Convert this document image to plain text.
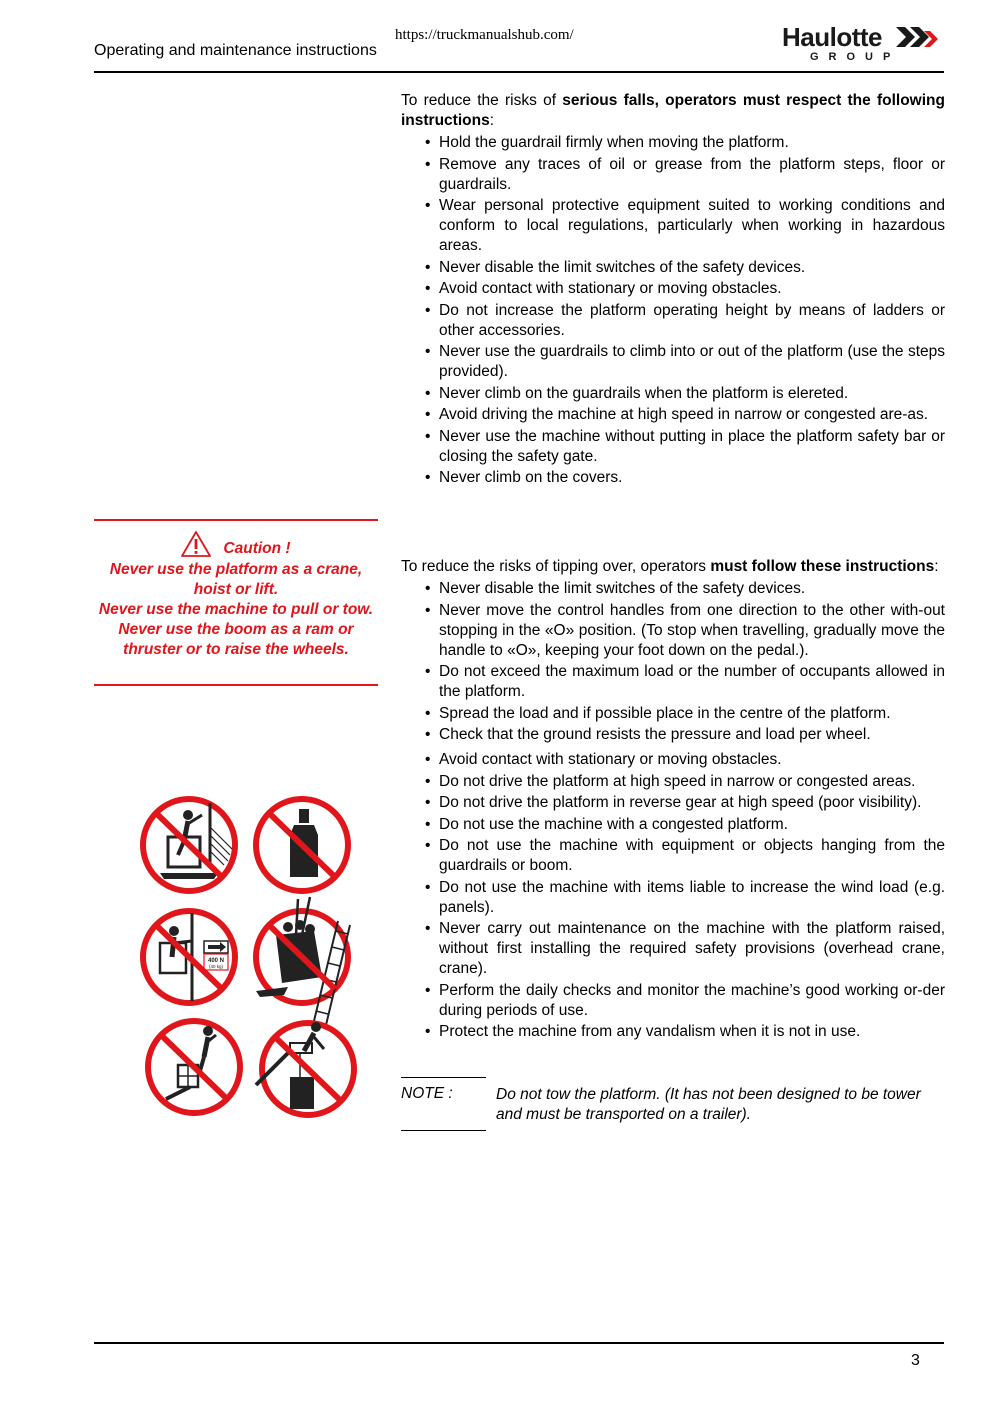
Operating and maintenance instructions
https://truckmanualshub.com/	Haulotte
GROUP

To reduce the risks of serious falls, operators must respect the following instructions:

• Hold the guardrail firmly when moving the platform.
• Remove any traces of oil or grease from the platform steps, floor or guardrails.
• Wear personal protective equipment suited to working conditions and conform to local regulations, particularly when working in hazardous areas.
• Never disable the limit switches of the safety devices.
• Avoid contact with stationary or moving obstacles.
• Do not increase the platform operating height by means of ladders or other accessories.
• Never use the guardrails to climb into or out of the platform (use the steps provided).
• Never climb on the guardrails when the platform is elereted.
• Avoid driving the machine at high speed in narrow or congested are-as.
• Never use the machine without putting in place the platform safety bar or closing the safety gate.
• Never climb on the covers.
Caution !
Never use the platform as a crane, hoist or lift.
Never use the machine to pull or tow.
Never use the boom as a ram or thruster or to raise the wheels.
400 N
(40 kg)

To reduce the risks of tipping over, operators must follow these instructions:

• Never disable the limit switches of the safety devices.
• Never move the control handles from one direction to the other with-out stopping in the «O» position. (To stop when travelling, gradually move the handle to «O», keeping your foot down on the pedal.).
• Do not exceed the maximum load or the number of occupants allowed in the platform.
• Spread the load and if possible place in the centre of the platform.
• Check that the ground resists the pressure and load per wheel.
• Avoid contact with stationary or moving obstacles.
• Do not drive the platform at high speed in narrow or congested areas.
• Do not drive the platform in reverse gear at high speed (poor visibility).
• Do not use the machine with a congested platform.
• Do not use the machine with equipment or objects hanging from the guardrails or boom.
• Do not use the machine with items liable to increase the wind load (e.g. panels).
• Never carry out maintenance on the machine with the platform raised, without first installing the required safety provisions (overhead crane, crane).
• Perform the daily checks and monitor the machine’s good working or-der during periods of use.
• Protect the machine from any vandalism when it is not in use.
NOTE :	Do not tow the platform. (It has not been designed to be tower and must be transported on a trailer).
3
